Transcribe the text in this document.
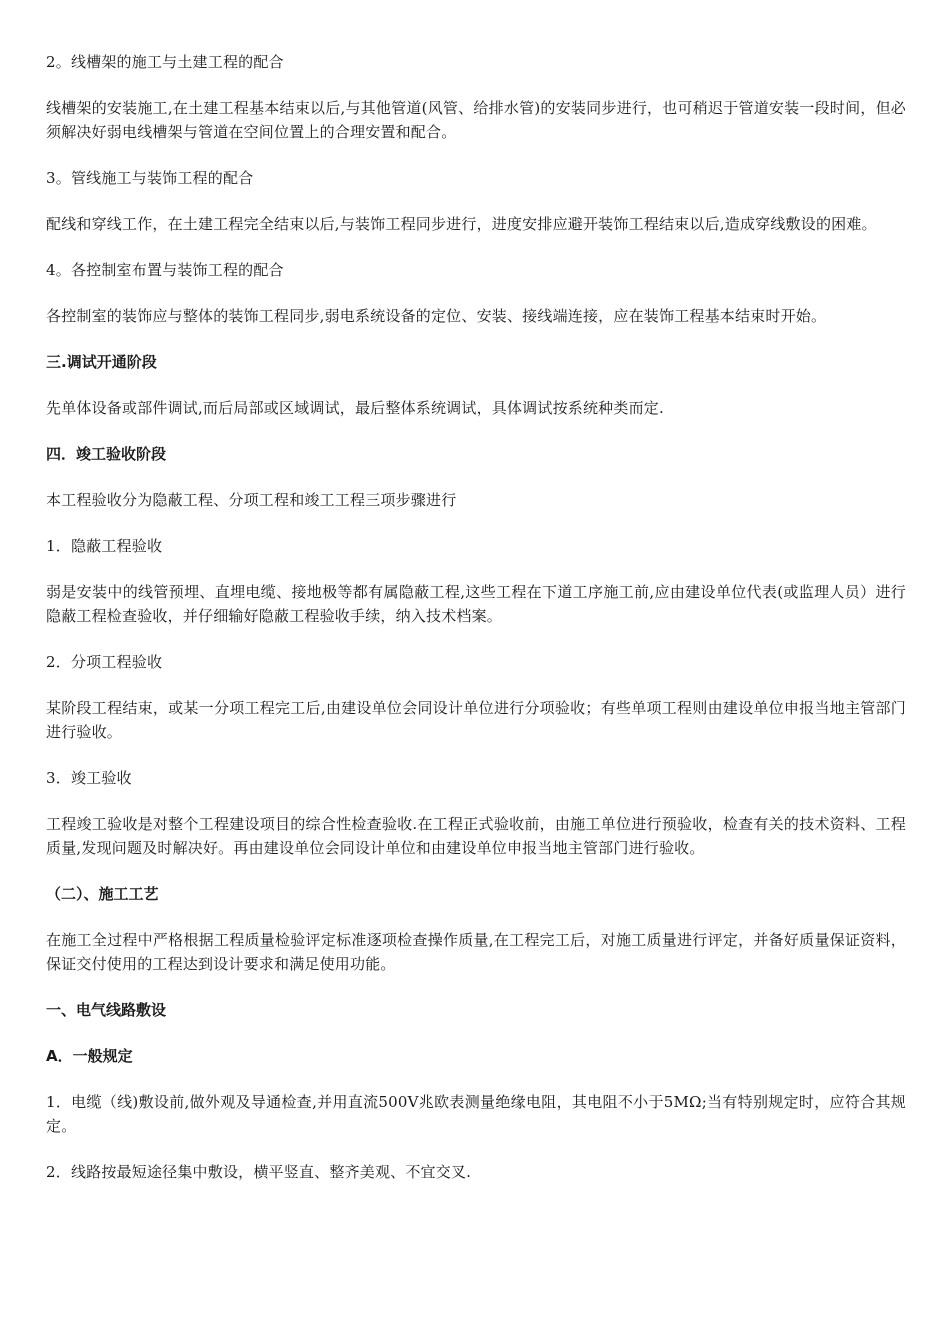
2。线槽架的施工与土建工程的配合

线槽架的安装施工,在土建工程基本结束以后,与其他管道(风管、给排水管)的安装同步进行，也可稍迟于管道安装一段时间，但必须解决好弱电线槽架与管道在空间位置上的合理安置和配合。

3。管线施工与装饰工程的配合

配线和穿线工作，在土建工程完全结束以后,与装饰工程同步进行，进度安排应避开装饰工程结束以后,造成穿线敷设的困难。

4。各控制室布置与装饰工程的配合

各控制室的装饰应与整体的装饰工程同步,弱电系统设备的定位、安装、接线端连接，应在装饰工程基本结束时开始。

三.调试开通阶段

先单体设备或部件调试,而后局部或区域调试，最后整体系统调试，具体调试按系统种类而定.

四．竣工验收阶段

本工程验收分为隐蔽工程、分项工程和竣工工程三项步骤进行

1．隐蔽工程验收

弱是安装中的线管预埋、直埋电缆、接地极等都有属隐蔽工程,这些工程在下道工序施工前,应由建设单位代表(或监理人员）进行隐蔽工程检查验收，并仔细输好隐蔽工程验收手续，纳入技术档案。

2．分项工程验收

某阶段工程结束，或某一分项工程完工后,由建设单位会同设计单位进行分项验收；有些单项工程则由建设单位申报当地主管部门进行验收。

3．竣工验收

工程竣工验收是对整个工程建设项目的综合性检查验收.在工程正式验收前，由施工单位进行预验收，检查有关的技术资料、工程质量,发现问题及时解决好。再由建设单位会同设计单位和由建设单位申报当地主管部门进行验收。

（二）、施工工艺

在施工全过程中严格根据工程质量检验评定标准逐项检查操作质量,在工程完工后，对施工质量进行评定，并备好质量保证资料，保证交付使用的工程达到设计要求和满足使用功能。

一、电气线路敷设

A．一般规定

1．电缆（线)敷设前,做外观及导通检查,并用直流500V兆欧表测量绝缘电阻，其电阻不小于5MΩ;当有特别规定时，应符合其规定。

2．线路按最短途径集中敷设，横平竖直、整齐美观、不宜交叉.
